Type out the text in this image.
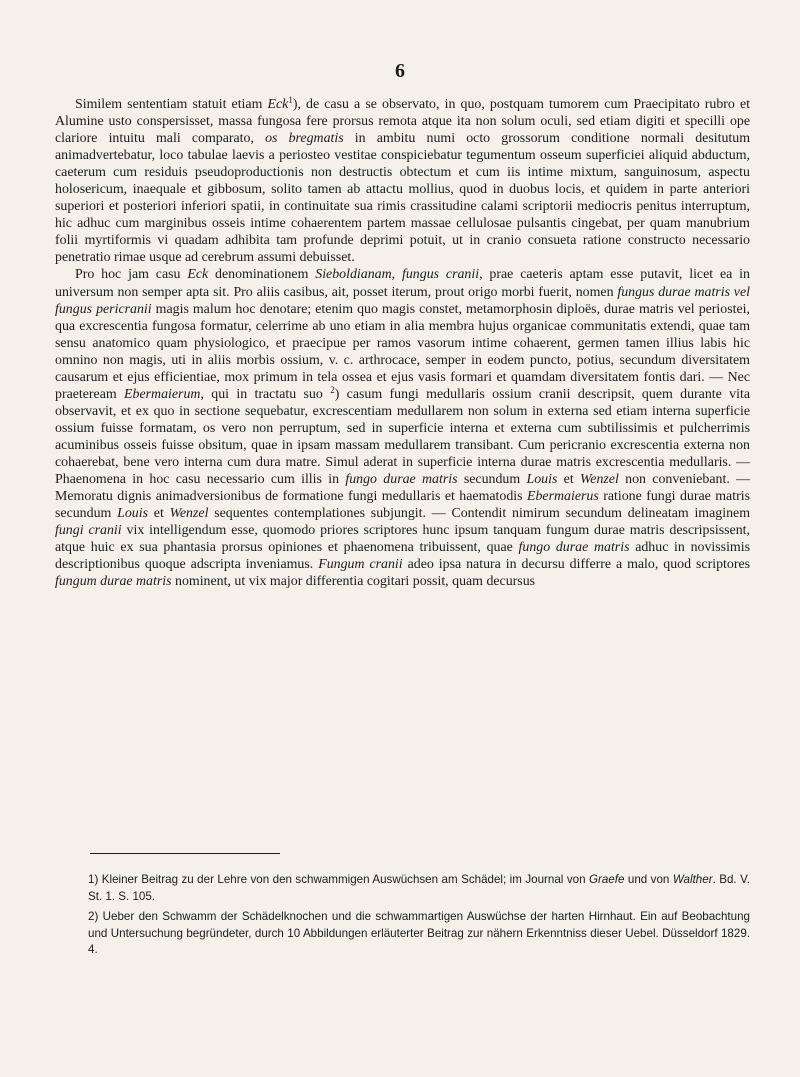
6

Similem sententiam statuit etiam Eck$^1$), de casu a se observato, in quo, postquam tumorem cum Praecipitato rubro et Alumine usto conspersisset, massa fungosa fere prorsus remota atque ita non solum oculi, sed etiam digiti et specilli ope clariore intuitu mali comparato, os bregmatis in ambitu numi octo grossorum conditione normali desitutum animadvertebatur, loco tabulae laevis a periosteo vestitae conspiciebatur tegumentum osseum superficiei aliquid abductum, caeterum cum residuis pseudoproductionis non destructis obtectum et cum iis intime mixtum, sanguinosum, aspectu holosericum, inaequale et gibbosum, solito tamen ab attactu mollius, quod in duobus locis, et quidem in parte anteriori superiori et posteriori inferiori spatii, in continuitate sua rimis crassitudine calami scriptorii mediocris penitus interruptum, hic adhuc cum marginibus osseis intime cohaerentem partem massae cellulosae pulsantis cingebat, per quam manubrium folii myrtiformis vi quadam adhibita tam profunde deprimi potuit, ut in cranio consueta ratione constructo necessario penetratio rimae usque ad cerebrum assumi debuisset.

Pro hoc jam casu Eck denominationem Sieboldianam, fungus cranii, prae caeteris aptam esse putavit, licet ea in universum non semper apta sit. Pro aliis casibus, ait, posset iterum, prout origo morbi fuerit, nomen fungus durae matris vel fungus pericranii magis malum hoc denotare; etenim quo magis constet, metamorphosin diploës, durae matris vel periostei, qua excrescentia fungosa formatur, celerrime ab uno etiam in alia membra hujus organicae communitatis extendi, quae tam sensu anatomico quam physiologico, et praecipue per ramos vasorum intime cohaerent, germen tamen illius labis hic omnino non magis, uti in aliis morbis ossium, v. c. arthrocace, semper in eodem puncto, potius, secundum diversitatem causarum et ejus efficientiae, mox primum in tela ossea et ejus vasis formari et quamdam diversitatem fontis dari. — Nec praeteream Ebermaierum, qui in tractatu suo $^2$) casum fungi medullaris ossium cranii descripsit, quem durante vita observavit, et ex quo in sectione sequebatur, excrescentiam medullarem non solum in externa sed etiam interna superficie ossium fuisse formatam, os vero non perruptum, sed in superficie interna et externa cum subtilissimis et pulcherrimis acuminibus osseis fuisse obsitum, quae in ipsam massam medullarem transibant. Cum pericranio excrescentia externa non cohaerebat, bene vero interna cum dura matre. Simul aderat in superficie interna durae matris excrescentia medullaris. — Phaenomena in hoc casu necessario cum illis in fungo durae matris secundum Louis et Wenzel non conveniebant. — Memoratu dignis animadversionibus de formatione fungi medullaris et haematodis Ebermaierus ratione fungi durae matris secundum Louis et Wenzel sequentes contemplationes subjungit. — Contendit nimirum secundum delineatam imaginem fungi cranii vix intelligendum esse, quomodo priores scriptores hunc ipsum tanquam fungum durae matris descripsissent, atque huic ex sua phantasia prorsus opiniones et phaenomena tribuissent, quae fungo durae matris adhuc in novissimis descriptionibus quoque adscripta inveniamus. Fungum cranii adeo ipsa natura in decursu differre a malo, quod scriptores fungum durae matris nominent, ut vix major differentia cogitari possit, quam decursus

1) Kleiner Beitrag zu der Lehre von den schwammigen Auswüchsen am Schädel; im Journal von Graefe und von Walther. Bd. V. St. 1. S. 105.

2) Ueber den Schwamm der Schädelknochen und die schwammartigen Auswüchse der harten Hirnhaut. Ein auf Beobachtung und Untersuchung begründeter, durch 10 Abbildungen erläuterter Beitrag zur nähern Erkenntniss dieser Uebel. Düsseldorf 1829. 4.
